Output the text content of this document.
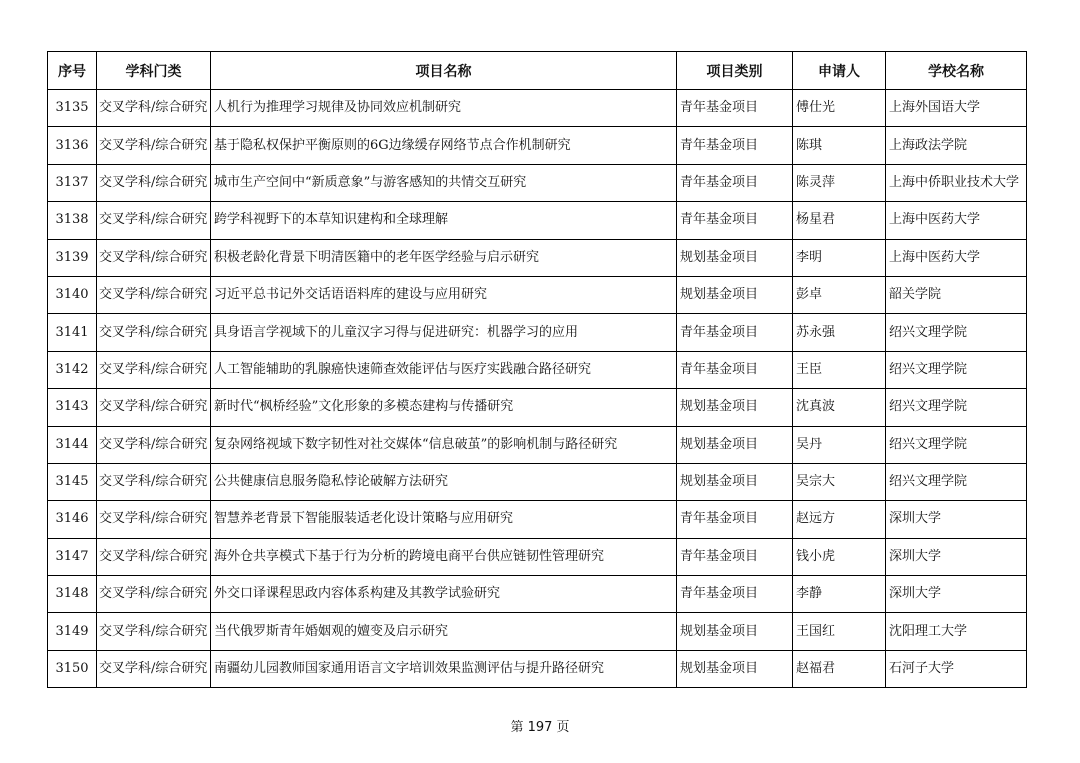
序号	学科门类	项目名称	项目类别	申请人	学校名称
3135	交叉学科/综合研究	人机行为推理学习规律及协同效应机制研究	青年基金项目	傅仕光	上海外国语大学
3136	交叉学科/综合研究	基于隐私权保护平衡原则的6G边缘缓存网络节点合作机制研究	青年基金项目	陈琪	上海政法学院
3137	交叉学科/综合研究	城市生产空间中“新质意象”与游客感知的共情交互研究	青年基金项目	陈灵萍	上海中侨职业技术大学
3138	交叉学科/综合研究	跨学科视野下的本草知识建构和全球理解	青年基金项目	杨星君	上海中医药大学
3139	交叉学科/综合研究	积极老龄化背景下明清医籍中的老年医学经验与启示研究	规划基金项目	李明	上海中医药大学
3140	交叉学科/综合研究	习近平总书记外交话语语料库的建设与应用研究	规划基金项目	彭卓	韶关学院
3141	交叉学科/综合研究	具身语言学视域下的儿童汉字习得与促进研究：机器学习的应用	青年基金项目	苏永强	绍兴文理学院
3142	交叉学科/综合研究	人工智能辅助的乳腺癌快速筛查效能评估与医疗实践融合路径研究	青年基金项目	王臣	绍兴文理学院
3143	交叉学科/综合研究	新时代“枫桥经验”文化形象的多模态建构与传播研究	规划基金项目	沈真波	绍兴文理学院
3144	交叉学科/综合研究	复杂网络视域下数字韧性对社交媒体“信息破茧”的影响机制与路径研究	规划基金项目	吴丹	绍兴文理学院
3145	交叉学科/综合研究	公共健康信息服务隐私悖论破解方法研究	规划基金项目	吴宗大	绍兴文理学院
3146	交叉学科/综合研究	智慧养老背景下智能服装适老化设计策略与应用研究	青年基金项目	赵远方	深圳大学
3147	交叉学科/综合研究	海外仓共享模式下基于行为分析的跨境电商平台供应链韧性管理研究	青年基金项目	钱小虎	深圳大学
3148	交叉学科/综合研究	外交口译课程思政内容体系构建及其教学试验研究	青年基金项目	李静	深圳大学
3149	交叉学科/综合研究	当代俄罗斯青年婚姻观的嬗变及启示研究	规划基金项目	王国红	沈阳理工大学
3150	交叉学科/综合研究	南疆幼儿园教师国家通用语言文字培训效果监测评估与提升路径研究	规划基金项目	赵福君	石河子大学
第 197 页
